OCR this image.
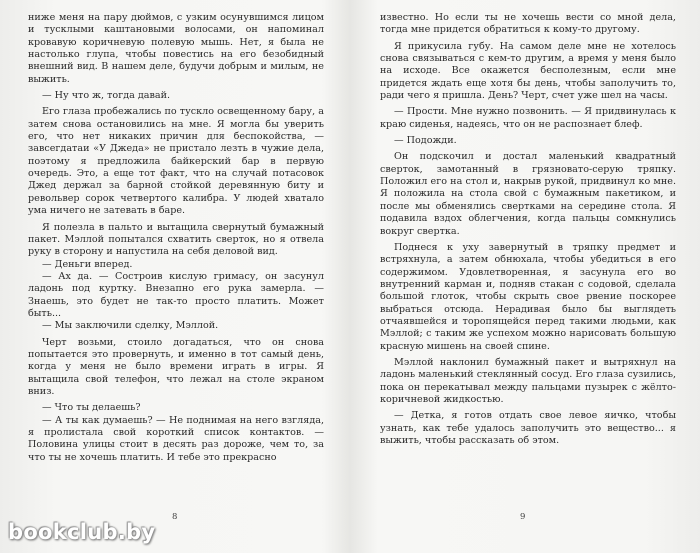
ниже меня на пару дюймов, с узким осунувшимся лицом и тусклыми каштановыми волосами, он напоминал кровавую коричневую полевую мышь. Нет, я была не настолько глупа, чтобы повестись на его безобидный внешний вид. В нашем деле, будучи добрым и милым, не выжить.

— Ну что ж, тогда давай.

Его глаза пробежались по тускло освещенному бару, а затем снова остановились на мне. Я могла бы уверить его, что нет никаких причин для беспокойства, — завсегдатаи «У Джеда» не пристало лезть в чужие дела, поэтому я предложила байкерский бар в первую очередь. Это, а еще тот факт, что на случай потасовок Джед держал за барной стойкой деревянную биту и револьвер сорок четвертого калибра. У людей хватало ума ничего не затевать в баре.

Я полезла в пальто и вытащила свернутый бумажный пакет. Мэллой попытался схватить сверток, но я отвела руку в сторону и напустила на себя деловой вид.

— Деньги вперед.

— Ах да. — Состроив кислую гримасу, он засунул ладонь под куртку. Внезапно его рука замерла. — Знаешь, это будет не так-то просто платить. Может быть...

— Мы заключили сделку, Мэллой.

Черт возьми, стоило догадаться, что он снова попытается это провернуть, и именно в тот самый день, когда у меня не было времени играть в игры. Я вытащила свой телефон, что лежал на столе экраном вниз.

— Что ты делаешь?

— А ты как думаешь? — Не поднимая на него взгляда, я пролистала свой короткий список контактов. — Половина улицы стоит в десять раз дороже, чем то, за что ты не хочешь платить. И тебе это прекрасно

известно. Но если ты не хочешь вести со мной дела, тогда мне придется обратиться к кому-то другому.

Я прикусила губу. На самом деле мне не хотелось снова связываться с кем-то другим, а время у меня было на исходе. Все окажется бесполезным, если мне придется ждать еще хотя бы день, чтобы заполучить то, ради чего я пришла. День? Черт, счет уже шел на часы.

— Прости. Мне нужно позвонить. — Я придвинулась к краю сиденья, надеясь, что он не распознает блеф.

— Подожди.

Он подскочил и достал маленький квадратный сверток, замотанный в грязновато-серую тряпку. Положил его на стол и, накрыв рукой, придвинул ко мне. Я положила на стола свой с бумажным пакетиком, и после мы обменялись свертками на середине стола. Я подавила вздох облегчения, когда пальцы сомкнулись вокруг свертка.

Поднеся к уху завернутый в тряпку предмет и встряхнула, а затем обнюхала, чтобы убедиться в его содержимом. Удовлетворенная, я засунула его во внутренний карман и, подняв стакан с содовой, сделала большой глоток, чтобы скрыть свое рвение поскорее выбраться отсюда. Нерадивая было бы выглядеть отчаявшейся и торопящейся перед такими людьми, как Мэллой; с таким же успехом можно нарисовать большую красную мишень на своей спине.

Мэллой наклонил бумажный пакет и вытряхнул на ладонь маленький стеклянный сосуд. Его глаза сузились, пока он перекатывал между пальцами пузырек с жёлто-коричневой жидкостью.

— Детка, я готов отдать свое левое яичко, чтобы узнать, как тебе удалось заполучить это вещество... я выжить, чтобы рассказать об этом.

8	9
bookclub.by
